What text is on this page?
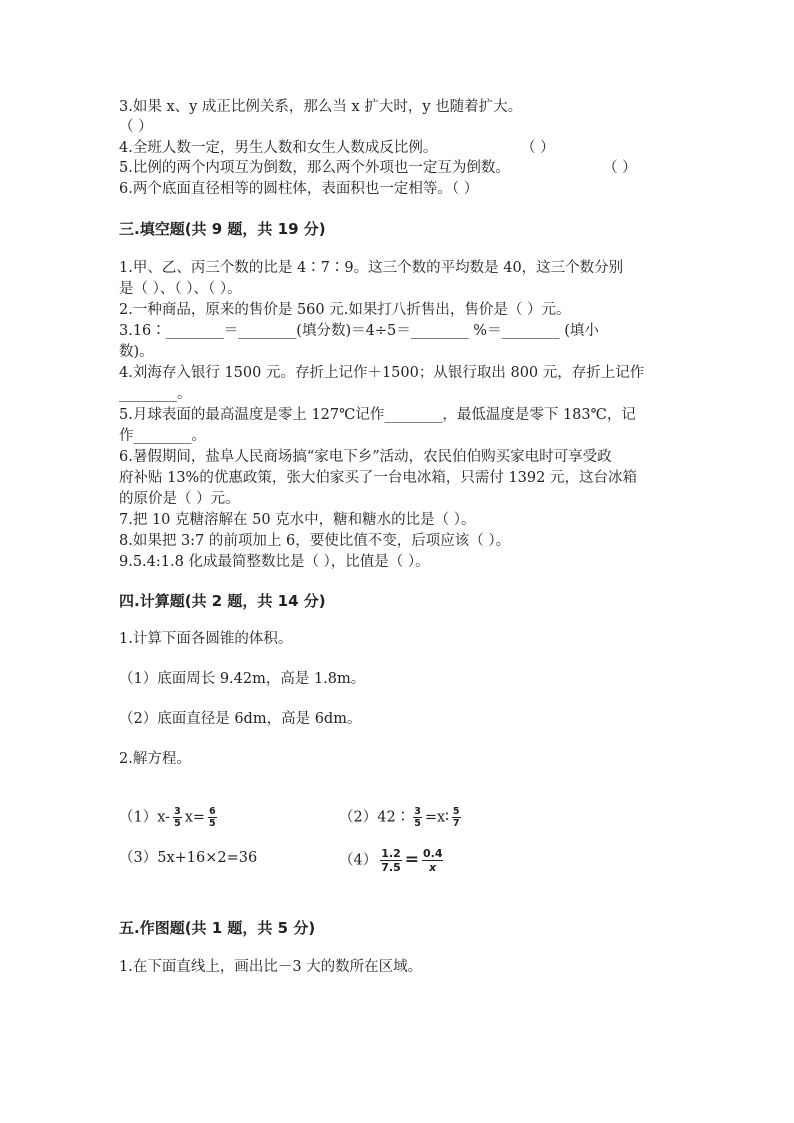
3.如果 x、y 成正比例关系，那么当 x 扩大时，y 也随着扩大。
（ ）
4.全班人数一定，男生人数和女生人数成反比例。	（ ）
5.比例的两个内项互为倒数，那么两个外项也一定互为倒数。	（ ）
6.两个底面直径相等的圆柱体，表面积也一定相等。（ ）
三.填空题(共 9 题，共 19 分)
1.甲、乙、丙三个数的比是 4∶7∶9。这三个数的平均数是 40，这三个数分别
是（ ）、（ ）、（ ）。
2.一种商品，原来的售价是 560 元.如果打八折售出，售价是（ ）元。
3.16∶________＝________(填分数)＝4÷5＝________ %＝________ (填小
数)。
4.刘海存入银行 1500 元。存折上记作＋1500；从银行取出 800 元，存折上记作
________。
5.月球表面的最高温度是零上 127℃记作________，最低温度是零下 183℃，记
作________。
6.暑假期间，盐阜人民商场搞“家电下乡”活动，农民伯伯购买家电时可享受政
府补贴 13%的优惠政策，张大伯家买了一台电冰箱，只需付 1392 元，这台冰箱
的原价是（ ）元。
7.把 10 克糖溶解在 50 克水中，糖和糖水的比是（ ）。
8.如果把 3:7 的前项加上 6，要使比值不变，后项应该（ ）。
9.5.4:1.8 化成最简整数比是（ ），比值是（ ）。
四.计算题(共 2 题，共 14 分)
1.计算下面各圆锥的体积。
（1）底面周长 9.42m，高是 1.8m。
（2）底面直径是 6dm，高是 6dm。
2.解方程。
$(1)x- \frac{3}{5} x= \frac{6}{5}$	（2）42∶ $\frac{3}{5}$ =x∶ $\frac{5}{7}$
（3）5x+16×2=36	$(4) \frac{1.2}{7.5} = \frac{0.4}{x}$
五.作图题(共 1 题，共 5 分)
1.在下面直线上，画出比－3 大的数所在区域。
